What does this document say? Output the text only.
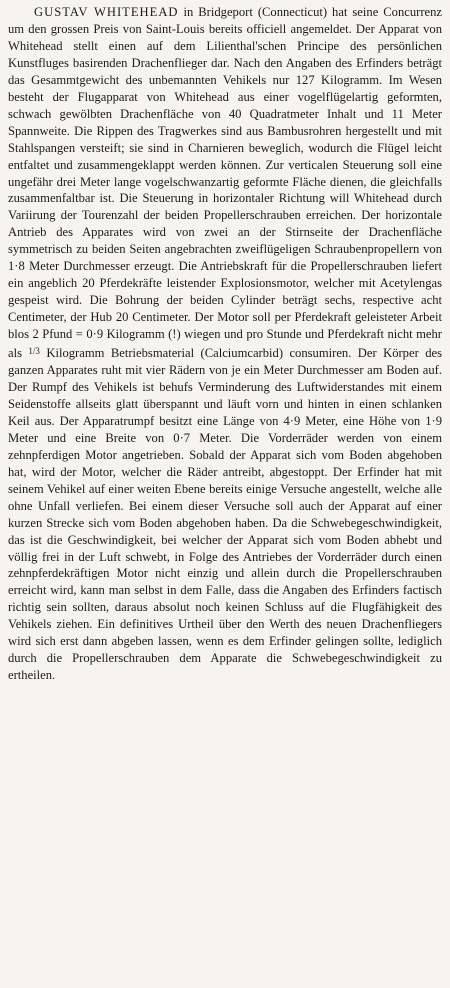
GUSTAV WHITEHEAD in Bridgeport (Connecticut) hat seine Concurrenz um den grossen Preis von Saint-Louis bereits officiell angemeldet. Der Apparat von Whitehead stellt einen auf dem Lilienthal'schen Principe des persönlichen Kunstfluges basirenden Drachenflieger dar. Nach den Angaben des Erfinders beträgt das Gesammtgewicht des unbemannten Vehikels nur 127 Kilogramm. Im Wesen besteht der Flugapparat von Whitehead aus einer vogelflügelartig geformten, schwach gewölbten Drachenfläche von 40 Quadratmeter Inhalt und 11 Meter Spannweite. Die Rippen des Tragwerkes sind aus Bambusrohren hergestellt und mit Stahlspangen versteift; sie sind in Charnieren beweglich, wodurch die Flügel leicht entfaltet und zusammengeklappt werden können. Zur verticalen Steuerung soll eine ungefähr drei Meter lange vogelschwanzartig geformte Fläche dienen, die gleichfalls zusammenfaltbar ist. Die Steuerung in horizontaler Richtung will Whitehead durch Variirung der Tourenzahl der beiden Propellerschrauben erreichen. Der horizontale Antrieb des Apparates wird von zwei an der Stirnseite der Drachenfläche symmetrisch zu beiden Seiten angebrachten zweiflügeligen Schraubenpropellern von 1·8 Meter Durchmesser erzeugt. Die Antriebskraft für die Propellerschrauben liefert ein angeblich 20 Pferdekräfte leistender Explosionsmotor, welcher mit Acetylengas gespeist wird. Die Bohrung der beiden Cylinder beträgt sechs, respective acht Centimeter, der Hub 20 Centimeter. Der Motor soll per Pferdekraft geleisteter Arbeit blos 2 Pfund = 0·9 Kilogramm (!) wiegen und pro Stunde und Pferdekraft nicht mehr als $^{1/3}$ Kilogramm Betriebsmaterial (Calciumcarbid) consumiren. Der Körper des ganzen Apparates ruht mit vier Rädern von je ein Meter Durchmesser am Boden auf. Der Rumpf des Vehikels ist behufs Verminderung des Luftwiderstandes mit einem Seidenstoffe allseits glatt überspannt und läuft vorn und hinten in einen schlanken Keil aus. Der Apparatrumpf besitzt eine Länge von 4·9 Meter, eine Höhe von 1·9 Meter und eine Breite von 0·7 Meter. Die Vorderräder werden von einem zehnpferdigen Motor angetrieben. Sobald der Apparat sich vom Boden abgehoben hat, wird der Motor, welcher die Räder antreibt, abgestoppt. Der Erfinder hat mit seinem Vehikel auf einer weiten Ebene bereits einige Versuche angestellt, welche alle ohne Unfall verliefen. Bei einem dieser Versuche soll auch der Apparat auf einer kurzen Strecke sich vom Boden abgehoben haben. Da die Schwebegeschwindigkeit, das ist die Geschwindigkeit, bei welcher der Apparat sich vom Boden abhebt und völlig frei in der Luft schwebt, in Folge des Antriebes der Vorderräder durch einen zehnpferdekräftigen Motor nicht einzig und allein durch die Propellerschrauben erreicht wird, kann man selbst in dem Falle, dass die Angaben des Erfinders factisch richtig sein sollten, daraus absolut noch keinen Schluss auf die Flugfähigkeit des Vehikels ziehen. Ein definitives Urtheil über den Werth des neuen Drachenfliegers wird sich erst dann abgeben lassen, wenn es dem Erfinder gelingen sollte, lediglich durch die Propellerschrauben dem Apparate die Schwebegeschwindigkeit zu ertheilen.
